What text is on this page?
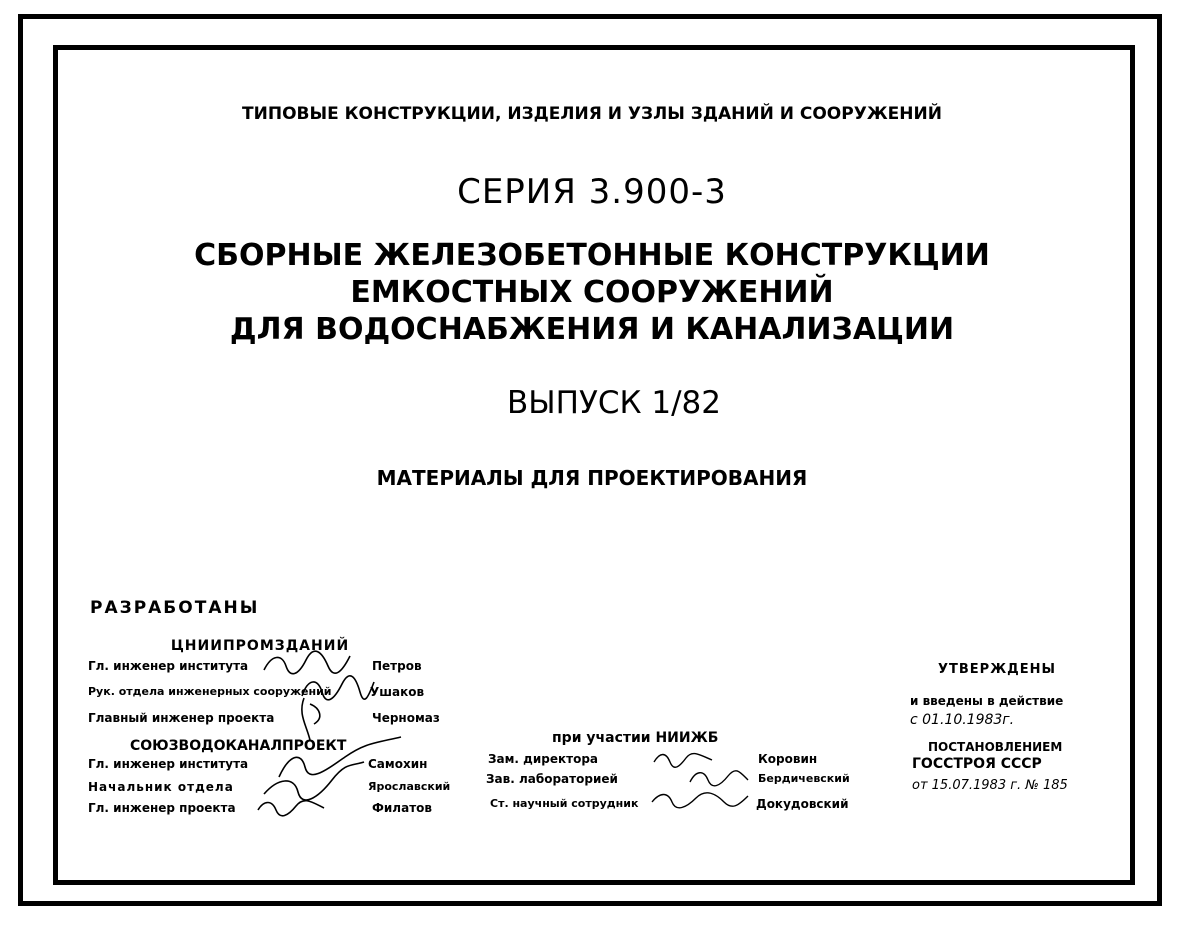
ТИПОВЫЕ КОНСТРУКЦИИ, ИЗДЕЛИЯ И УЗЛЫ ЗДАНИЙ И СООРУЖЕНИЙ
СЕРИЯ 3.900-3
СБОРНЫЕ ЖЕЛЕЗОБЕТОННЫЕ КОНСТРУКЦИИ
ЕМКОСТНЫХ СООРУЖЕНИЙ
ДЛЯ ВОДОСНАБЖЕНИЯ И КАНАЛИЗАЦИИ
ВЫПУСК 1/82
МАТЕРИАЛЫ ДЛЯ ПРОЕКТИРОВАНИЯ
РАЗРАБОТАНЫ
ЦНИИПРОМЗДАНИЙ
Гл. инженер института	Петров
Рук. отдела инженерных сооружений	Ушаков
Главный инженер проекта	Черномаз
СОЮЗВОДОКАНАЛПРОЕКТ
Гл. инженер института	Самохин
Начальник отдела	Ярославский
Гл. инженер проекта	Филатов
при участии НИИЖБ
Зам. директора	Коровин
Зав. лабораторией	Бердичевский
Ст. научный сотрудник	Докудовский
УТВЕРЖДЕНЫ
и введены в действие
с 01.10.1983г.
ПОСТАНОВЛЕНИЕМ
ГОССТРОЯ СССР
от 15.07.1983 г. № 185
